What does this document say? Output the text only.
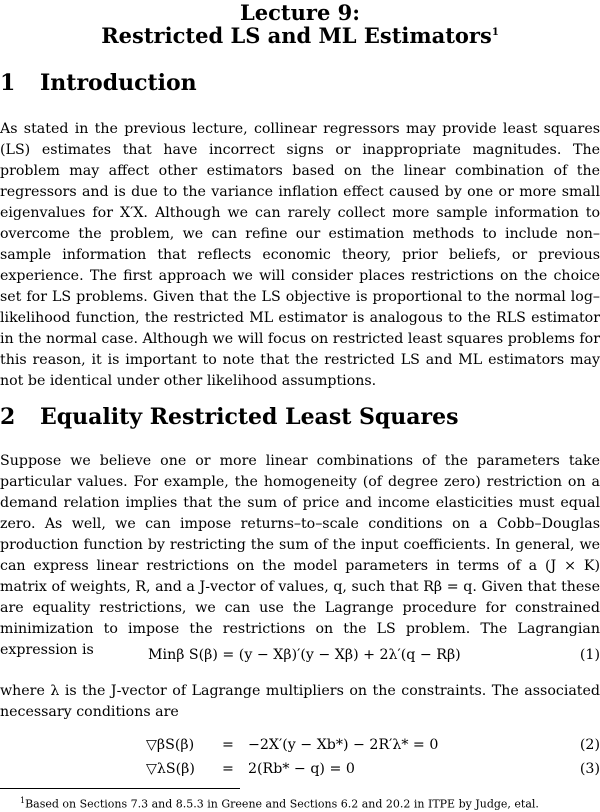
Lecture 9:
Restricted LS and ML Estimators$^1$
1 Introduction
As stated in the previous lecture, collinear regressors may provide least squares (LS) estimates that have incorrect signs or inappropriate magnitudes. The problem may affect other estimators based on the linear combination of the regressors and is due to the variance inflation effect caused by one or more small eigenvalues for X′X. Although we can rarely collect more sample information to overcome the problem, we can refine our estimation methods to include non–sample information that reflects economic theory, prior beliefs, or previous experience. The first approach we will consider places restrictions on the choice set for LS problems. Given that the LS objective is proportional to the normal log–likelihood function, the restricted ML estimator is analogous to the RLS estimator in the normal case. Although we will focus on restricted least squares problems for this reason, it is important to note that the restricted LS and ML estimators may not be identical under other likelihood assumptions.
2 Equality Restricted Least Squares
Suppose we believe one or more linear combinations of the parameters take particular values. For example, the homogeneity (of degree zero) restriction on a demand relation implies that the sum of price and income elasticities must equal zero. As well, we can impose returns–to–scale conditions on a Cobb–Douglas production function by restricting the sum of the input coefficients. In general, we can express linear restrictions on the model parameters in terms of a (J × K) matrix of weights, R, and a J-vector of values, q, such that Rβ = q. Given that these are equality restrictions, we can use the Lagrange procedure for constrained minimization to impose the restrictions on the LS problem. The Lagrangian expression is	Minβ S(β) = (y − Xβ)′(y − Xβ) + 2λ′(q − Rβ)	(1)
where λ is the J-vector of Lagrange multipliers on the constraints. The associated necessary conditions are
▽βS(β) = −2X′(y − Xb*) − 2R′λ* = 0	(2)
▽λS(β) = 2(Rb* − q) = 0	(3)
$^1$Based on Sections 7.3 and 8.5.3 in Greene and Sections 6.2 and 20.2 in ITPE by Judge, etal.
